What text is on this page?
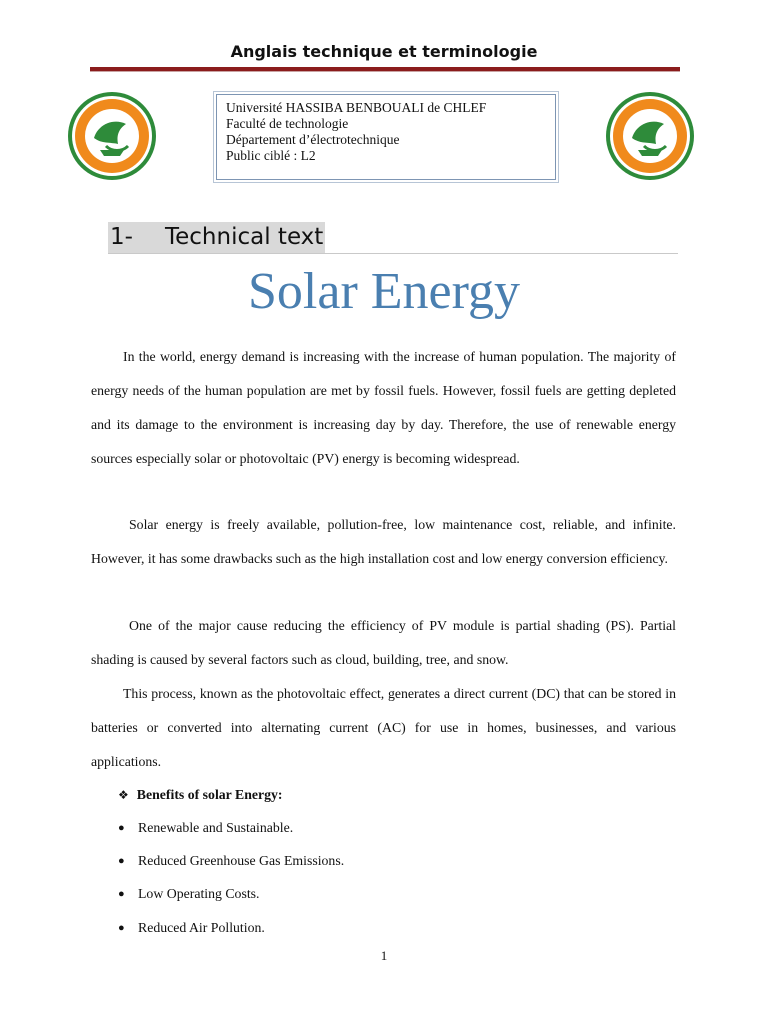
Anglais technique et terminologie
Université HASSIBA BENBOUALI de CHLEF
Faculté de technologie
Département d’électrotechnique
Public ciblé : L2
1- Technical text
Solar Energy
In the world, energy demand is increasing with the increase of human population. The majority of energy needs of the human population are met by fossil fuels. However, fossil fuels are getting depleted and its damage to the environment is increasing day by day. Therefore, the use of renewable energy sources especially solar or photovoltaic (PV) energy is becoming widespread.
Solar energy is freely available, pollution-free, low maintenance cost, reliable, and infinite. However, it has some drawbacks such as the high installation cost and low energy conversion efficiency.
One of the major cause reducing the efficiency of PV module is partial shading (PS). Partial shading is caused by several factors such as cloud, building, tree, and snow.
This process, known as the photovoltaic effect, generates a direct current (DC) that can be stored in batteries or converted into alternating current (AC) for use in homes, businesses, and various applications.
❖ Benefits of solar Energy:
● Renewable and Sustainable.
● Reduced Greenhouse Gas Emissions.
● Low Operating Costs.
● Reduced Air Pollution.
1
